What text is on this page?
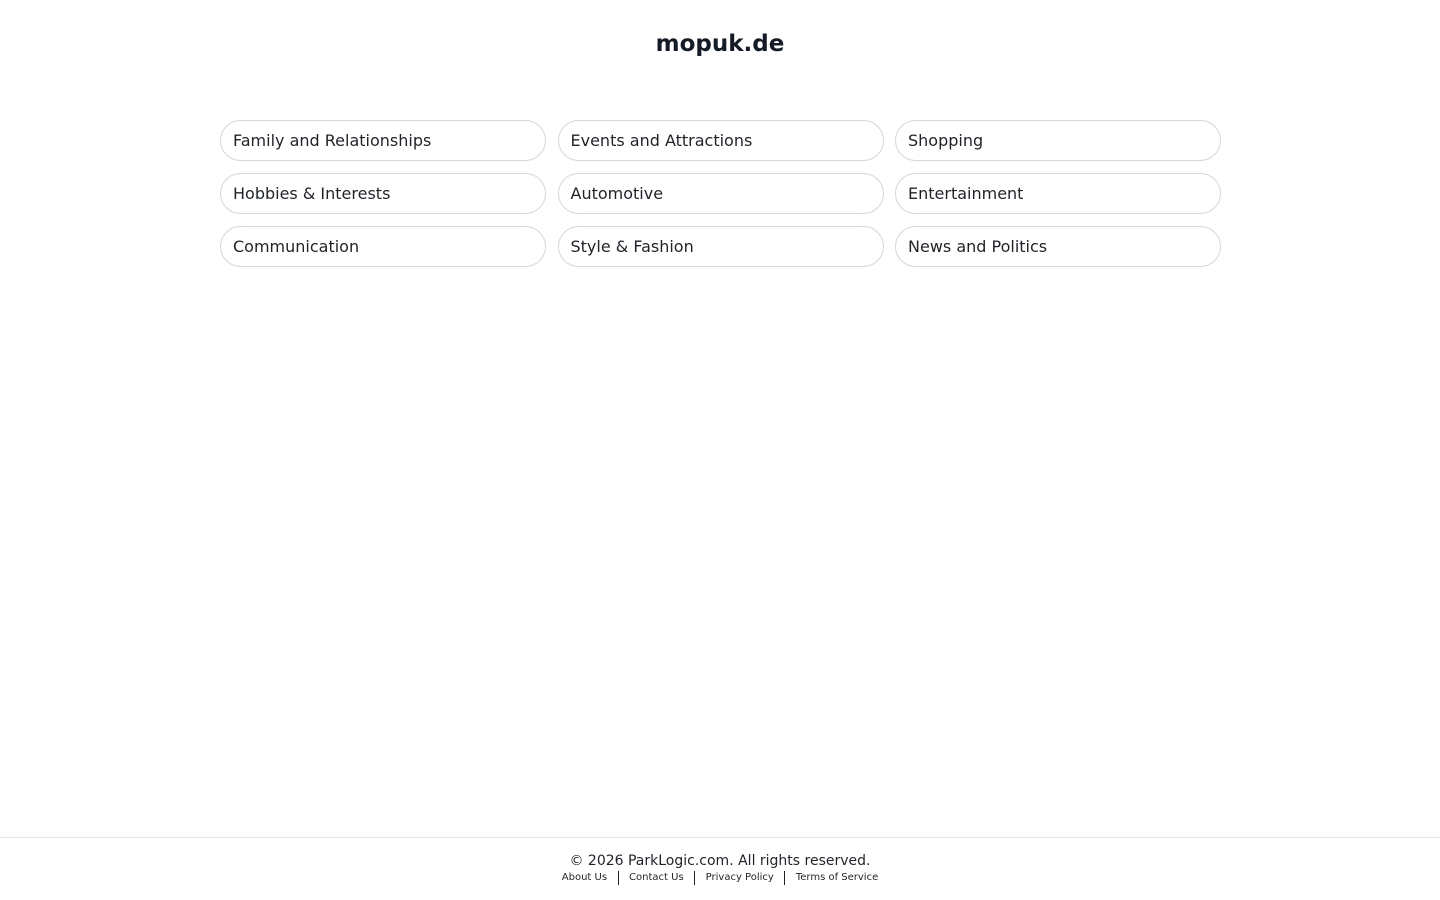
mopuk.de
Family and Relationships	Events and Attractions	Shopping
Hobbies & Interests	Automotive	Entertainment
Communication	Style & Fashion	News and Politics
© 2026 ParkLogic.com. All rights reserved.
About Us Contact Us Privacy Policy Terms of Service
